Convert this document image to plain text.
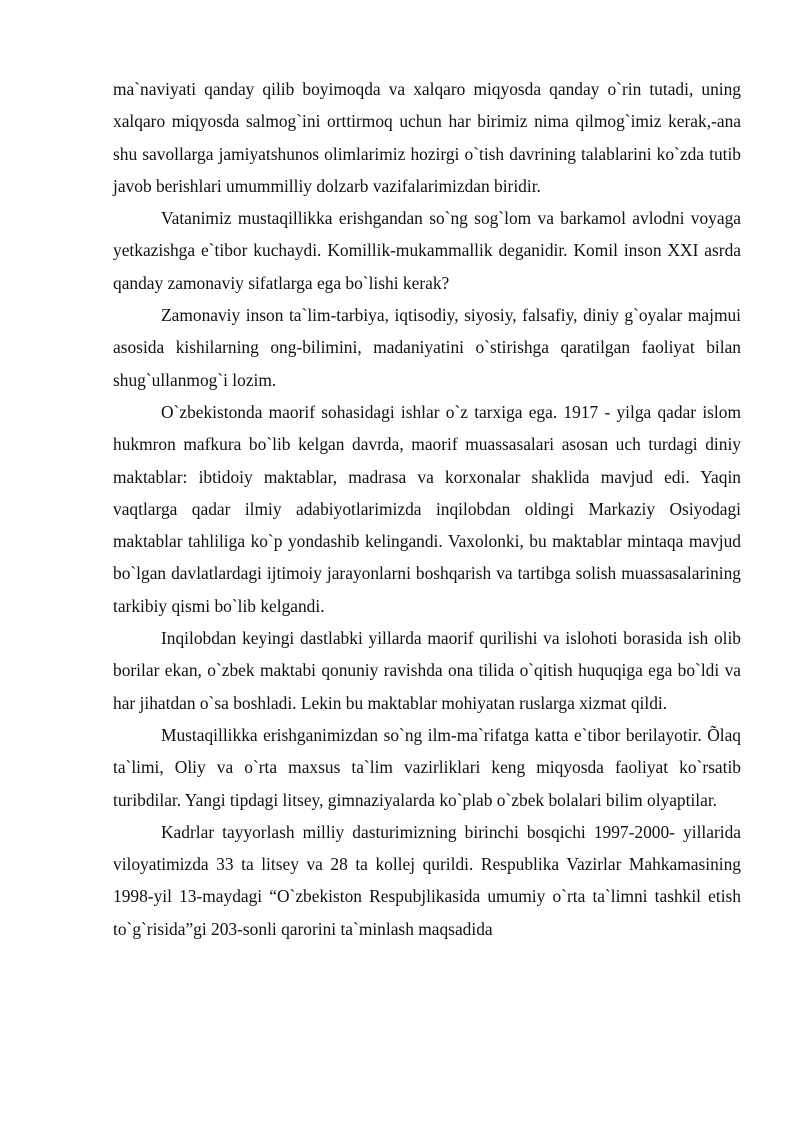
ma`naviyati qanday qilib boyimoqda va xalqaro miqyosda qanday o`rin tutadi, uning xalqaro miqyosda salmog`ini orttirmoq uchun har birimiz nima qilmog`imiz kerak,-ana shu savollarga jamiyatshunos olimlarimiz hozirgi o`tish davrining talablarini ko`zda tutib javob berishlari umummilliy dolzarb vazifalarimizdan biridir.

Vatanimiz mustaqillikka erishgandan so`ng sog`lom va barkamol avlodni voyaga yetkazishga e`tibor kuchaydi. Komillik-mukammallik deganidir. Komil inson XXI asrda qanday zamonaviy sifatlarga ega bo`lishi kerak?

Zamonaviy inson ta`lim-tarbiya, iqtisodiy, siyosiy, falsafiy, diniy g`oyalar majmui asosida kishilarning ong-bilimini, madaniyatini o`stirishga qaratilgan faoliyat bilan shug`ullanmog`i lozim.

O`zbekistonda maorif sohasidagi ishlar o`z tarxiga ega. 1917 - yilga qadar islom hukmron mafkura bo`lib kelgan davrda, maorif muassasalari asosan uch turdagi diniy maktablar: ibtidoiy maktablar, madrasa va korxonalar shaklida mavjud edi. Yaqin vaqtlarga qadar ilmiy adabiyotlarimizda inqilobdan oldingi Markaziy Osiyodagi maktablar tahliliga ko`p yondashib kelingandi. Vaxolonki, bu maktablar mintaqa mavjud bo`lgan davlatlardagi ijtimoiy jarayonlarni boshqarish va tartibga solish muassasalarining tarkibiy qismi bo`lib kelgandi.

Inqilobdan keyingi dastlabki yillarda maorif qurilishi va islohoti borasida ish olib borilar ekan, o`zbek maktabi qonuniy ravishda ona tilida o`qitish huquqiga ega bo`ldi va har jihatdan o`sa boshladi. Lekin bu maktablar mohiyatan ruslarga xizmat qildi.

Mustaqillikka erishganimizdan so`ng ilm-ma`rifatga katta e`tibor berilayotir. Õlaq ta`limi, Oliy va o`rta maxsus ta`lim vazirliklari keng miqyosda faoliyat ko`rsatib turibdilar. Yangi tipdagi litsey, gimnaziyalarda ko`plab o`zbek bolalari bilim olyaptilar.

Kadrlar tayyorlash milliy dasturimizning birinchi bosqichi 1997-2000- yillarida viloyatimizda 33 ta litsey va 28 ta kollej qurildi. Respublika Vazirlar Mahkamasining 1998-yil 13-maydagi “O`zbekiston Respubjlikasida umumiy o`rta ta`limni tashkil etish to`g`risida”gi 203-sonli qarorini ta`minlash maqsadida
